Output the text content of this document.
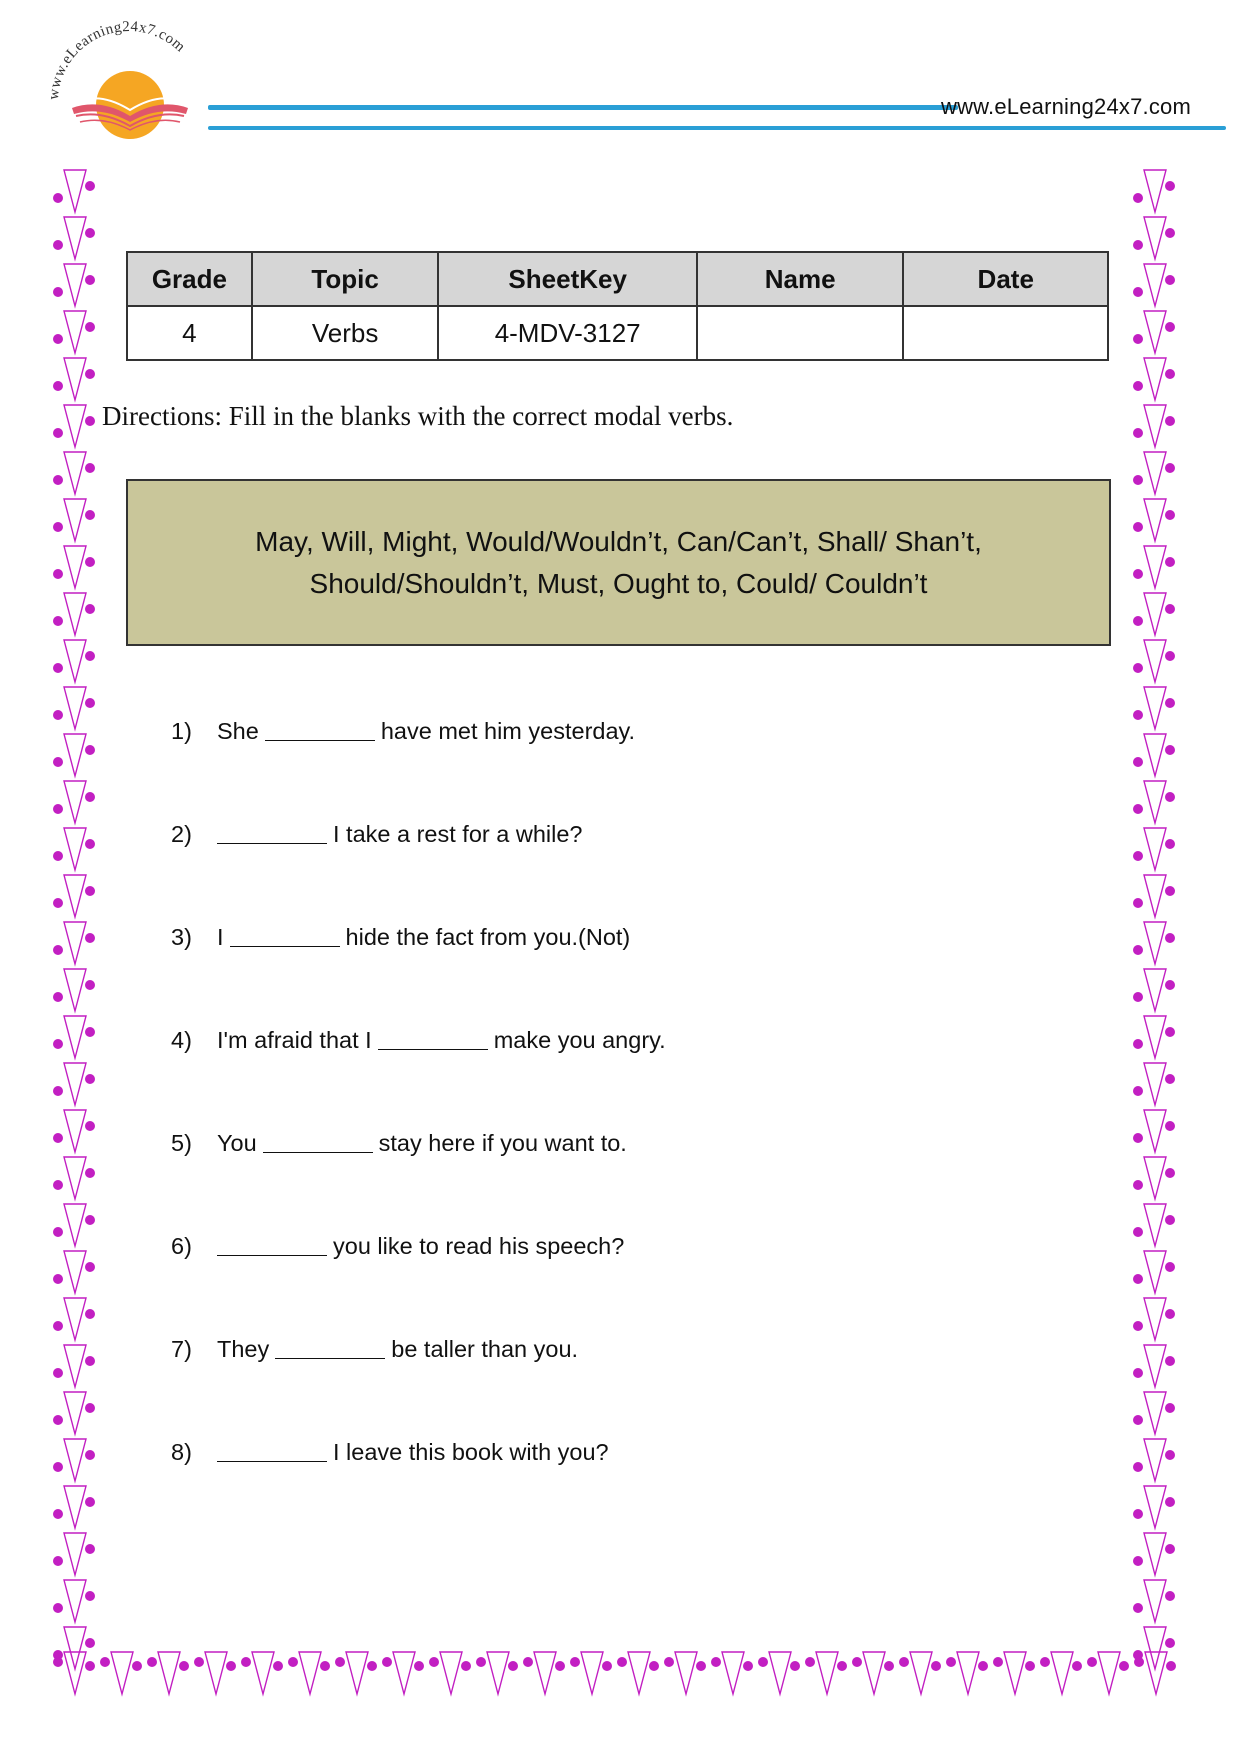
www.eLearning24x7.com
www.eLearning24x7.com
Grade	Topic	SheetKey	Name	Date
4	Verbs	4-MDV-3127		
Directions: Fill in the blanks with the correct modal verbs.
May, Will, Might, Would/Wouldn’t, Can/Can’t, Shall/ Shan’t,
Should/Shouldn’t, Must, Ought to, Could/ Couldn’t
1)	She	have met him yesterday.
2)	I take a rest for a while?
3)	I	hide the fact from you.(Not)
4)	I'm afraid that I	make you angry.
5)	You	stay here if you want to.
6)	you like to read his speech?
7)	They	be taller than you.
8)	I leave this book with you?
